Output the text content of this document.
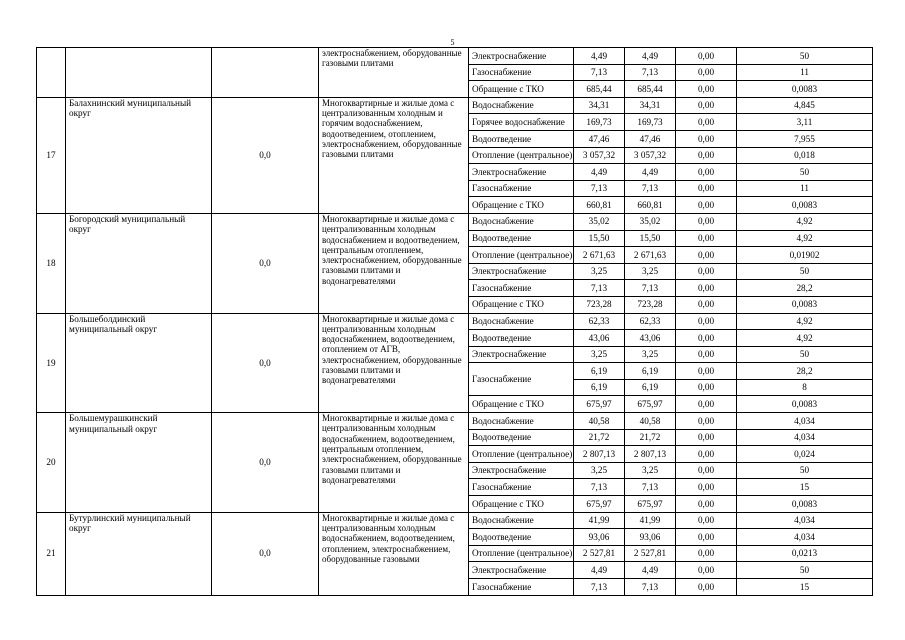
5
			электроснабжением, оборудованные газовыми плитами	Электроснабжение	4,49	4,49	0,00	50
				Газоснабжение	7,13	7,13	0,00	11
				Обращение с ТКО	685,44	685,44	0,00	0,0083
17	Балахнинский муниципальный округ	0,0	Многоквартирные и жилые дома с централизованным холодным и горячим водоснабжением, водоотведением, отоплением, электроснабжением, оборудованные газовыми плитами	Водоснабжение	34,31	34,31	0,00	4,845
				Горячее водоснабжение	169,73	169,73	0,00	3,11
				Водоотведение	47,46	47,46	0,00	7,955
				Отопление (центральное)	3 057,32	3 057,32	0,00	0,018
				Электроснабжение	4,49	4,49	0,00	50
				Газоснабжение	7,13	7,13	0,00	11
				Обращение с ТКО	660,81	660,81	0,00	0,0083
18	Богородский муниципальный округ	0,0	Многоквартирные и жилые дома с централизованным холодным водоснабжением и водоотведением, центральным отоплением, электроснабжением, оборудованные газовыми плитами и водонагревателями	Водоснабжение	35,02	35,02	0,00	4,92
				Водоотведение	15,50	15,50	0,00	4,92
				Отопление (центральное)	2 671,63	2 671,63	0,00	0,01902
				Электроснабжение	3,25	3,25	0,00	50
				Газоснабжение	7,13	7,13	0,00	28,2
				Обращение с ТКО	723,28	723,28	0,00	0,0083
19	Большеболдинский муниципальный округ	0,0	Многоквартирные и жилые дома с централизованным холодным водоснабжением, водоотведением, отоплением от АГВ, электроснабжением, оборудованные газовыми плитами и водонагревателями	Водоснабжение	62,33	62,33	0,00	4,92
				Водоотведение	43,06	43,06	0,00	4,92
				Электроснабжение	3,25	3,25	0,00	50
				Газоснабжение	6,19	6,19	0,00	28,2
					6,19	6,19	0,00	8
				Обращение с ТКО	675,97	675,97	0,00	0,0083
20	Большемурашкинский муниципальный округ	0,0	Многоквартирные и жилые дома с централизованным холодным водоснабжением, водоотведением, центральным отоплением, электроснабжением, оборудованные газовыми плитами и водонагревателями	Водоснабжение	40,58	40,58	0,00	4,034
				Водоотведение	21,72	21,72	0,00	4,034
				Отопление (центральное)	2 807,13	2 807,13	0,00	0,024
				Электроснабжение	3,25	3,25	0,00	50
				Газоснабжение	7,13	7,13	0,00	15
				Обращение с ТКО	675,97	675,97	0,00	0,0083
21	Бутурлинский муниципальный округ	0,0	Многоквартирные и жилые дома с централизованным холодным водоснабжением, водоотведением, отоплением, электроснабжением, оборудованные газовыми	Водоснабжение	41,99	41,99	0,00	4,034
				Водоотведение	93,06	93,06	0,00	4,034
				Отопление (центральное)	2 527,81	2 527,81	0,00	0,0213
				Электроснабжение	4,49	4,49	0,00	50
				Газоснабжение	7,13	7,13	0,00	15
